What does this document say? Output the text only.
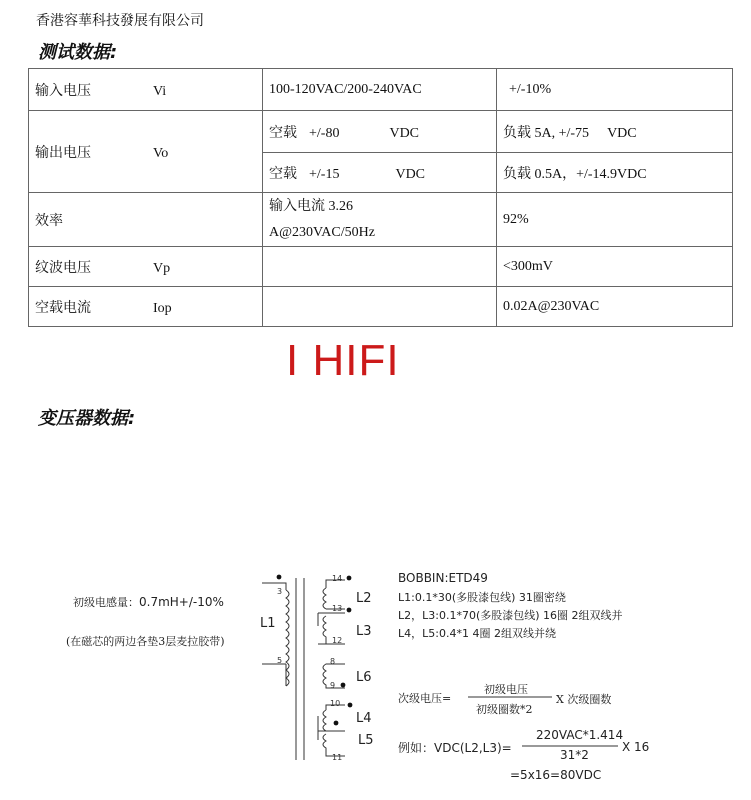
香港容華科技發展有限公司
测试数据:
输入电压 Vi	100-120VAC/200-240VAC	+/-10%
输出电压 Vo	空载 +/-80 VDC	负载 5A, +/-75 VDC
	空载 +/-15 VDC	负载 0.5A，+/-14.9VDC
效率	输入电流 3.26
A@230VAC/50Hz	92%
纹波电压 Vp		<300mV
空载电流 Iop		0.02A@230VAC
I HIFI
变压器数据:
3
5
14
13
12
8
9
10
11
L1
L2
L3
L6
L4
L5
初级电感量：0.7mH+/-10%
(在磁芯的两边各垫3层麦拉胶带)
BOBBIN:ETD49
L1:0.1*30(多股漆包线) 31圈密绕
L2，L3:0.1*70(多股漆包线) 16圈 2组双线并
L4，L5:0.4*1 4圈 2组双线并绕
次级电压=
初级电压
初级圈数*2
X 次级圈数
例如：VDC(L2,L3)=
220VAC*1.414
31*2
X 16
=5x16=80VDC
